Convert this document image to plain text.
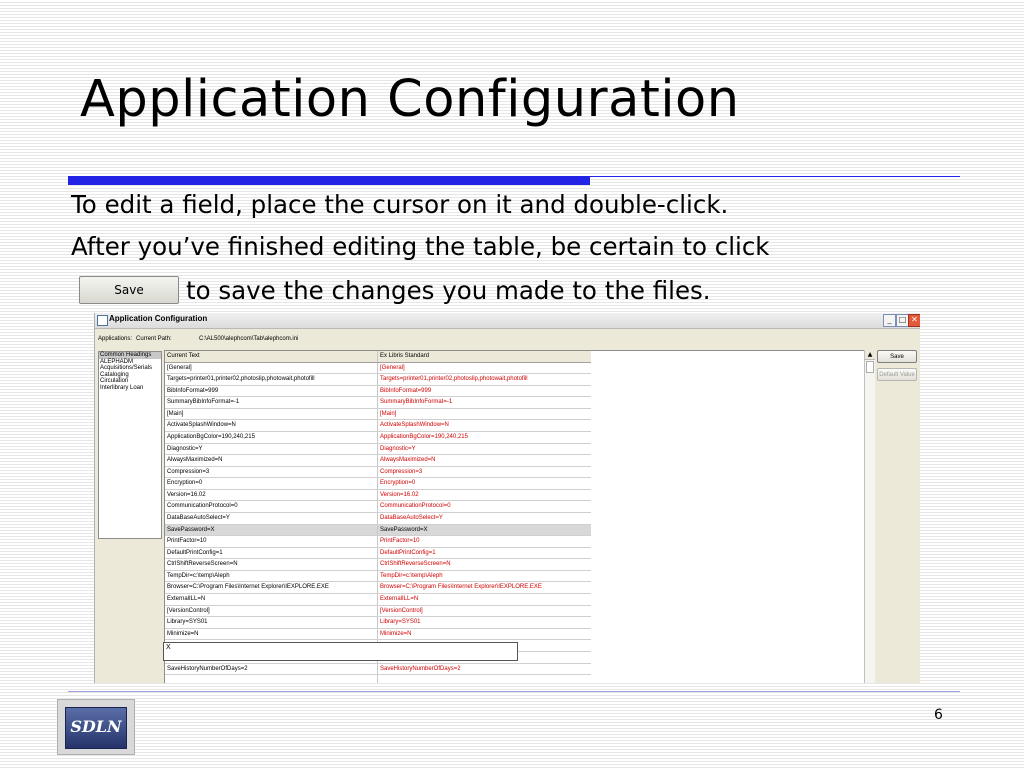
Application Configuration
To edit a field, place the cursor on it and double-click.
After you’ve finished editing the table, be certain to click
Save	to save the changes you made to the files.
Application Configuration	_ □ ✕
Applications: Current Path:	C:\AL500\alephcom\Tab\alephcom.ini
Common Headings
ALEPHADM
Acquisitions/Serials
Cataloging
Circulation
Interlibrary Loan
Current Text	Ex Libris Standard
[General]	[General]
Targets=printer01,printer02,photoslip,photowait,photofill	Targets=printer01,printer02,photoslip,photowait,photofill
BibInfoFormat=999	BibInfoFormat=999
SummaryBibInfoFormat=-1	SummaryBibInfoFormat=-1
[Main]	[Main]
ActivateSplashWindow=N	ActivateSplashWindow=N
ApplicationBgColor=190,240,215	ApplicationBgColor=190,240,215
Diagnostic=Y	Diagnostic=Y
AlwaysMaximized=N	AlwaysMaximized=N
Compression=3	Compression=3
Encryption=0	Encryption=0
Version=16.02	Version=16.02
CommunicationProtocol=0	CommunicationProtocol=0
DataBaseAutoSelect=Y	DataBaseAutoSelect=Y
SavePassword=X	SavePassword=X
PrintFactor=10	PrintFactor=10
DefaultPrintConfig=1	DefaultPrintConfig=1
CtrlShiftReverseScreen=N	CtrlShiftReverseScreen=N
TempDir=c:\temp\Aleph	TempDir=c:\temp\Aleph
Browser=C:\Program Files\Internet Explorer\IEXPLORE.EXE	Browser=C:\Program Files\Internet Explorer\IEXPLORE.EXE
ExternalILL=N	ExternalILL=N
[VersionControl]	[VersionControl]
Library=SYS01	Library=SYS01
Minimize=N	Minimize=N
SaveHistoryNumberOfDays=2	SaveHistoryNumberOfDays=2
X
▲	Save
Default Value
SDLN
6
